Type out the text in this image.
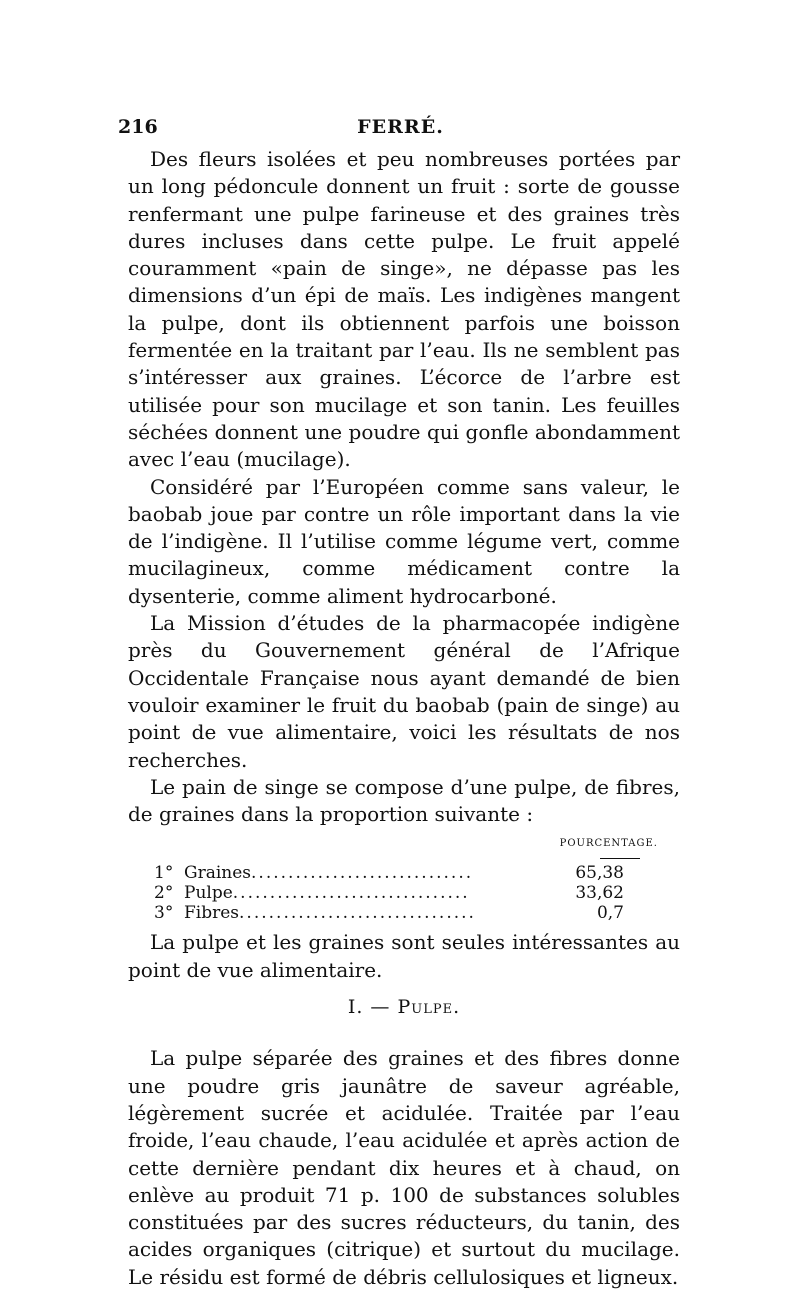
216	FERRÉ.

Des fleurs isolées et peu nombreuses portées par un long pédoncule donnent un fruit : sorte de gousse renfermant une pulpe farineuse et des graines très dures incluses dans cette pulpe. Le fruit appelé couramment «pain de singe», ne dépasse pas les dimensions d’un épi de maïs. Les indigènes mangent la pulpe, dont ils obtiennent parfois une boisson fermentée en la traitant par l’eau. Ils ne semblent pas s’intéresser aux graines. L’écorce de l’arbre est utilisée pour son mucilage et son tanin. Les feuilles séchées donnent une poudre qui gonfle abondamment avec l’eau (mucilage).

Considéré par l’Européen comme sans valeur, le baobab joue par contre un rôle important dans la vie de l’indigène. Il l’utilise comme légume vert, comme mucilagineux, comme médicament contre la dysenterie, comme aliment hydrocarboné.

La Mission d’études de la pharmacopée indigène près du Gouvernement général de l’Afrique Occidentale Française nous ayant demandé de bien vouloir examiner le fruit du baobab (pain de singe) au point de vue alimentaire, voici les résultats de nos recherches.

Le pain de singe se compose d’une pulpe, de fibres, de graines dans la proportion suivante :

POURCENTAGE.
1°	Graines..............................	65,38
2°	Pulpe................................	33,62
3°	Fibres................................	0,7

La pulpe et les graines sont seules intéressantes au point de vue alimentaire.

I. — Pulpe.

La pulpe séparée des graines et des fibres donne une poudre gris jaunâtre de saveur agréable, légèrement sucrée et acidulée. Traitée par l’eau froide, l’eau chaude, l’eau acidulée et après action de cette dernière pendant dix heures et à chaud, on enlève au produit 71 p. 100 de substances solubles constituées par des sucres réducteurs, du tanin, des acides organiques (citrique) et surtout du mucilage. Le résidu est formé de débris cellulosiques et ligneux.
